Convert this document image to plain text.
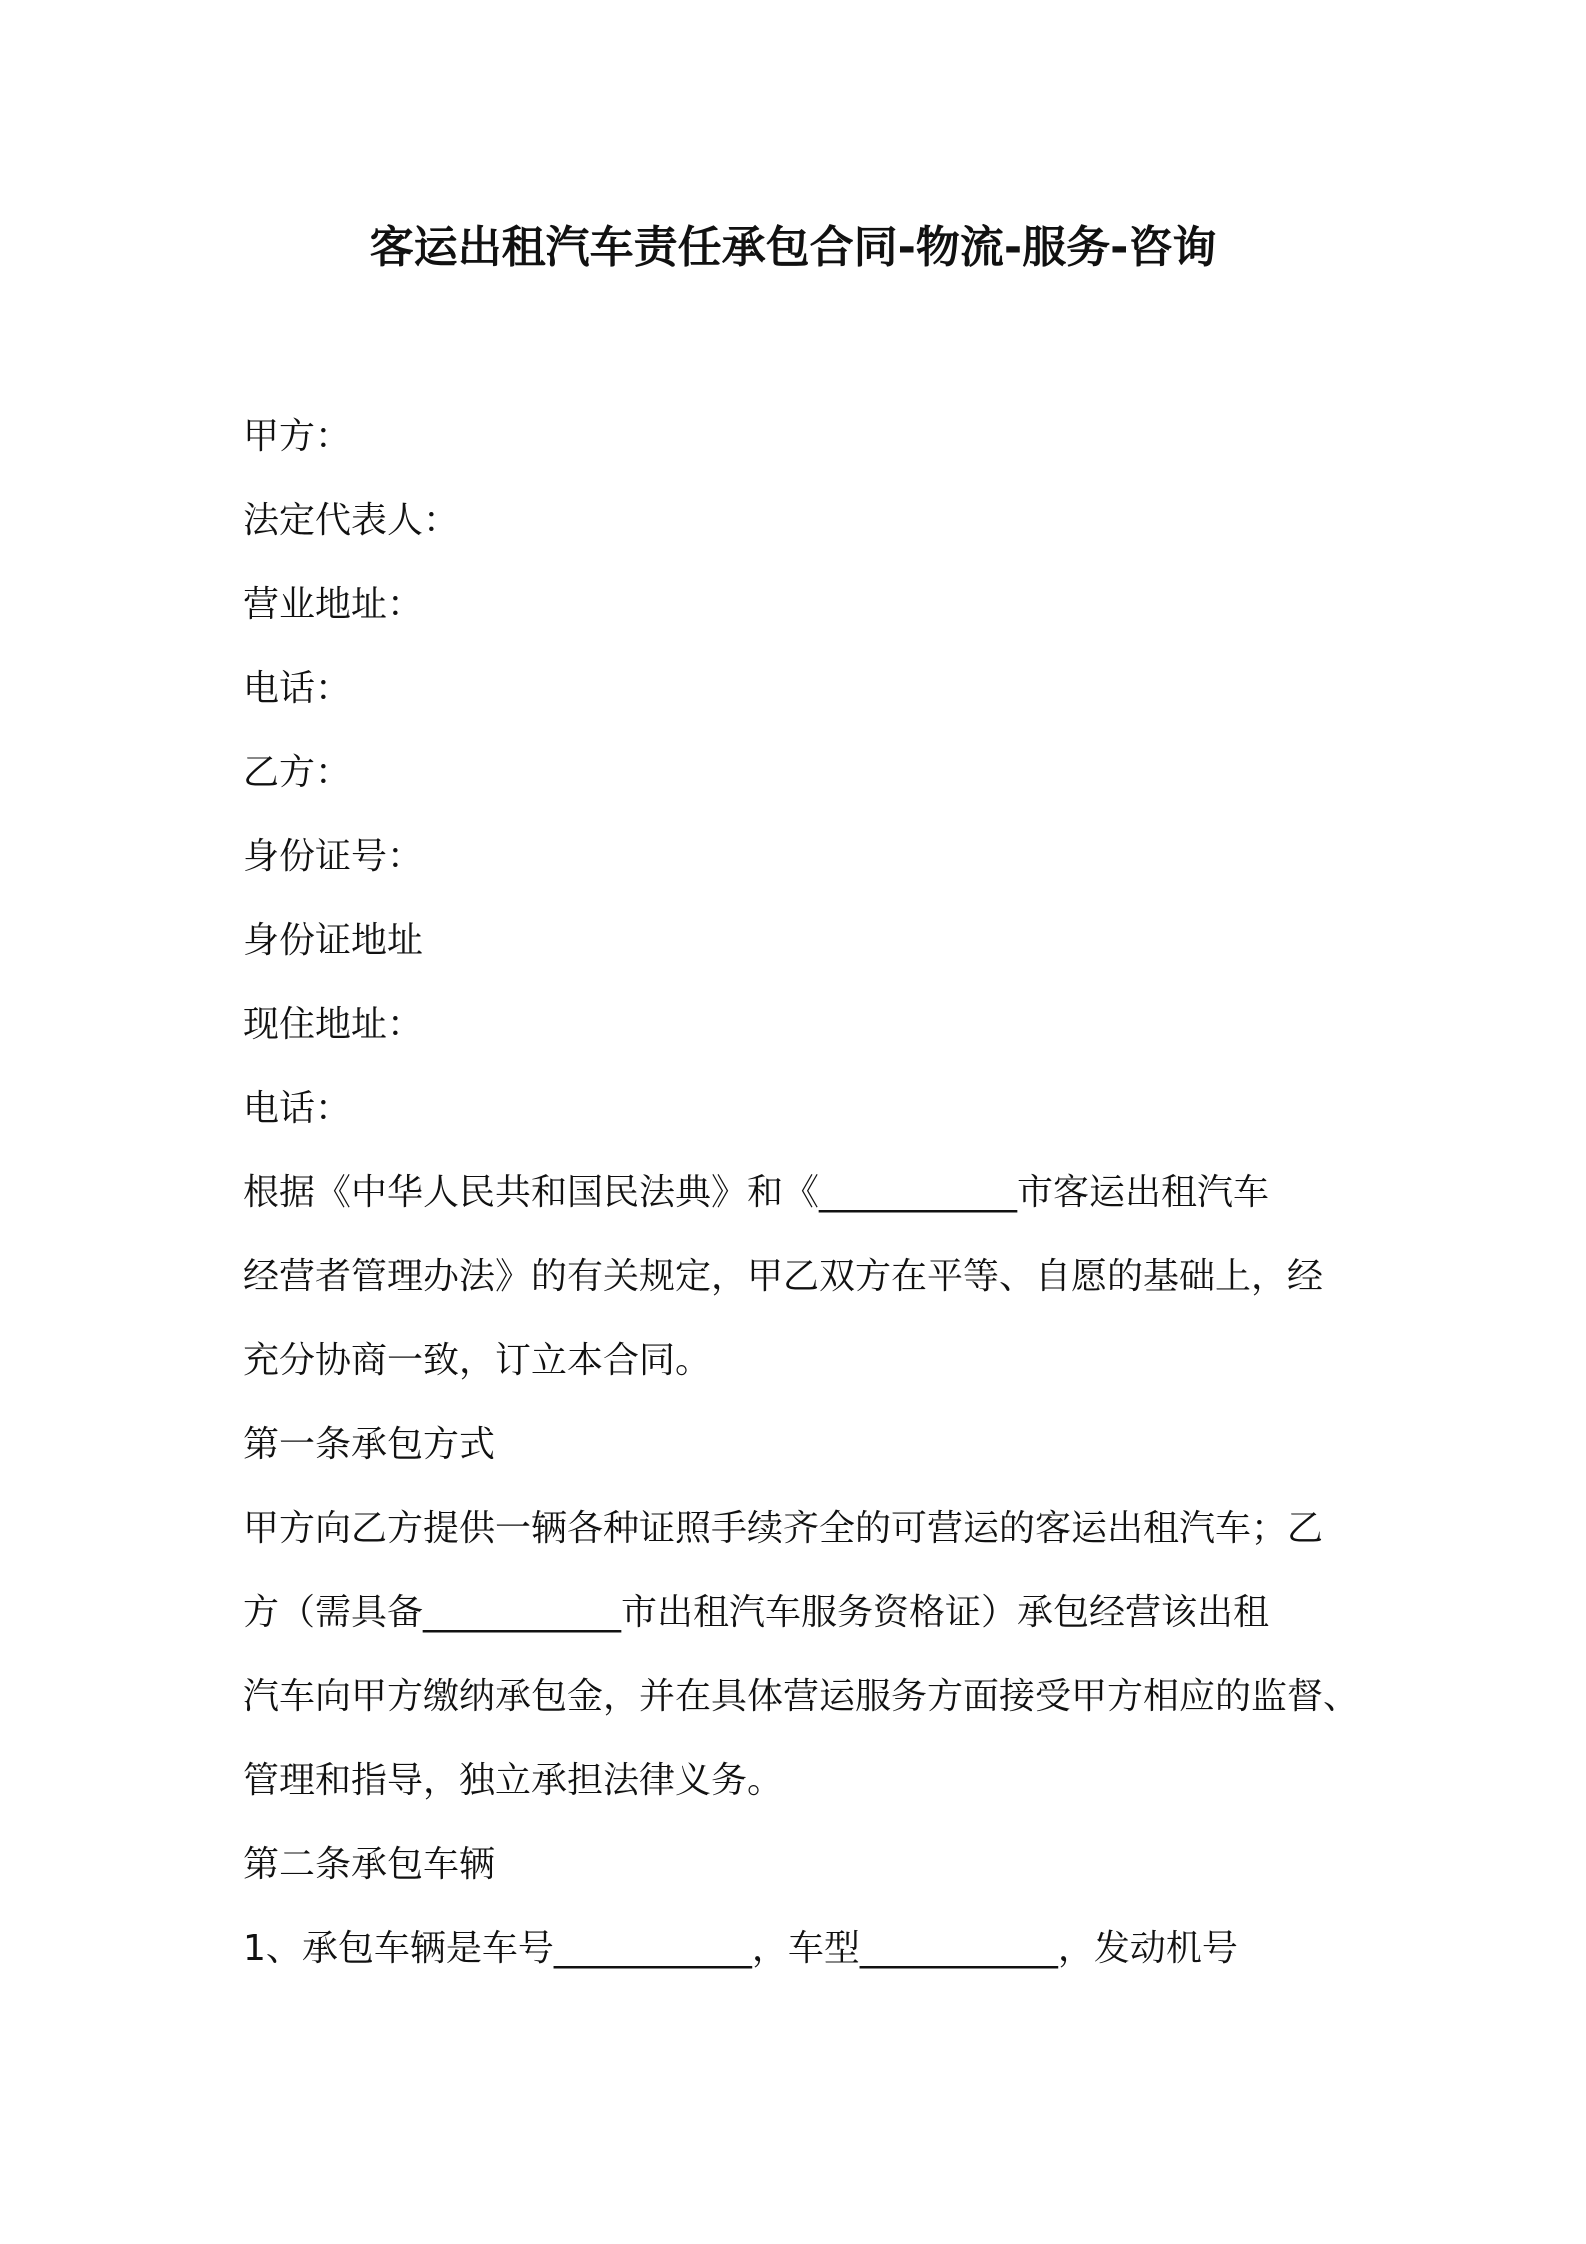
客运出租汽车责任承包合同-物流-服务-咨询
甲方：
法定代表人：
营业地址：
电话：
乙方：
身份证号：
身份证地址
现住地址：
电话：
根据《中华人民共和国民法典》和《___________市客运出租汽车
经营者管理办法》的有关规定，甲乙双方在平等、自愿的基础上，经
充分协商一致，订立本合同。
第一条承包方式
甲方向乙方提供一辆各种证照手续齐全的可营运的客运出租汽车；乙
方（需具备___________市出租汽车服务资格证）承包经营该出租
汽车向甲方缴纳承包金，并在具体营运服务方面接受甲方相应的监督、
管理和指导，独立承担法律义务。
第二条承包车辆
1、承包车辆是车号___________，车型___________，发动机号
